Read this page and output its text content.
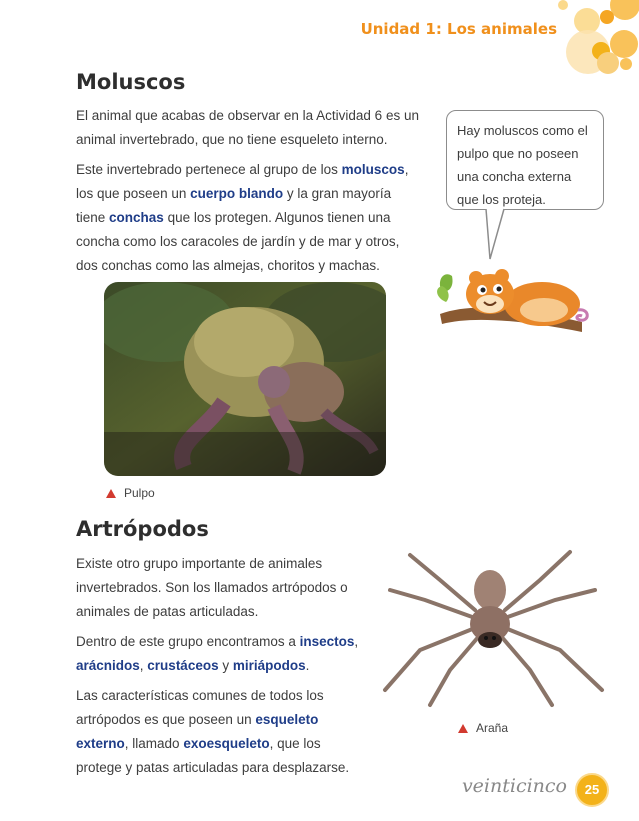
Unidad 1: Los animales
Moluscos

El animal que acabas de observar en la Actividad 6 es un animal invertebrado, que no tiene esqueleto interno.

Este invertebrado pertenece al grupo de los moluscos, los que poseen un cuerpo blando y la gran mayoría tiene conchas que los protegen. Algunos tienen una concha como los caracoles de jardín y de mar y otros, dos conchas como las almejas, choritos y machas.

Hay moluscos como el pulpo que no poseen una concha externa que los proteja.
Pulpo
Artrópodos

Existe otro grupo importante de animales invertebrados. Son los llamados artrópodos o animales de patas articuladas.

Dentro de este grupo encontramos a insectos, arácnidos, crustáceos y miriápodos.

Las características comunes de todos los artrópodos es que poseen un esqueleto externo, llamado exoesqueleto, que los protege y patas articuladas para desplazarse.

Araña
veinticinco	25
